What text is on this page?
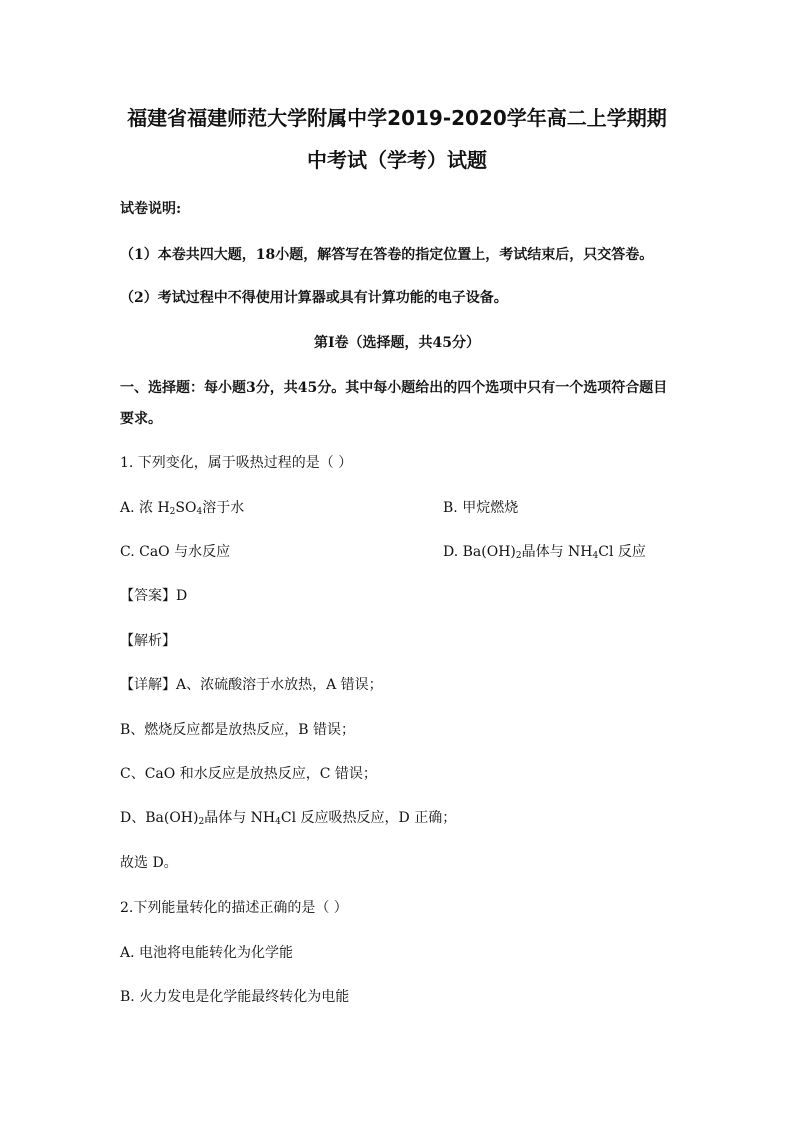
福建省福建师范大学附属中学2019-2020学年高二上学期期
中考试（学考）试题
试卷说明:
（1）本卷共四大题，18小题，解答写在答卷的指定位置上，考试结束后，只交答卷。
（2）考试过程中不得使用计算器或具有计算功能的电子设备。
第Ⅰ卷（选择题，共45分）
一、选择题：每小题3分，共45分。其中每小题给出的四个选项中只有一个选项符合题目
要求。
1. 下列变化，属于吸热过程的是（ ）
A. 浓 $H_2SO_4$溶于水	B. 甲烷燃烧
C. CaO 与水反应	D. $Ba(OH)_2$晶体与 $NH_4Cl$ 反应
【答案】D
【解析】
【详解】A、浓硫酸溶于水放热，A 错误；
B、燃烧反应都是放热反应，B 错误；
C、CaO 和水反应是放热反应，C 错误；
D、$Ba(OH)_2$晶体与 $NH_4Cl$ 反应吸热反应，D 正确；
故选 D。
2.下列能量转化的描述正确的是（ ）
A. 电池将电能转化为化学能
B. 火力发电是化学能最终转化为电能
